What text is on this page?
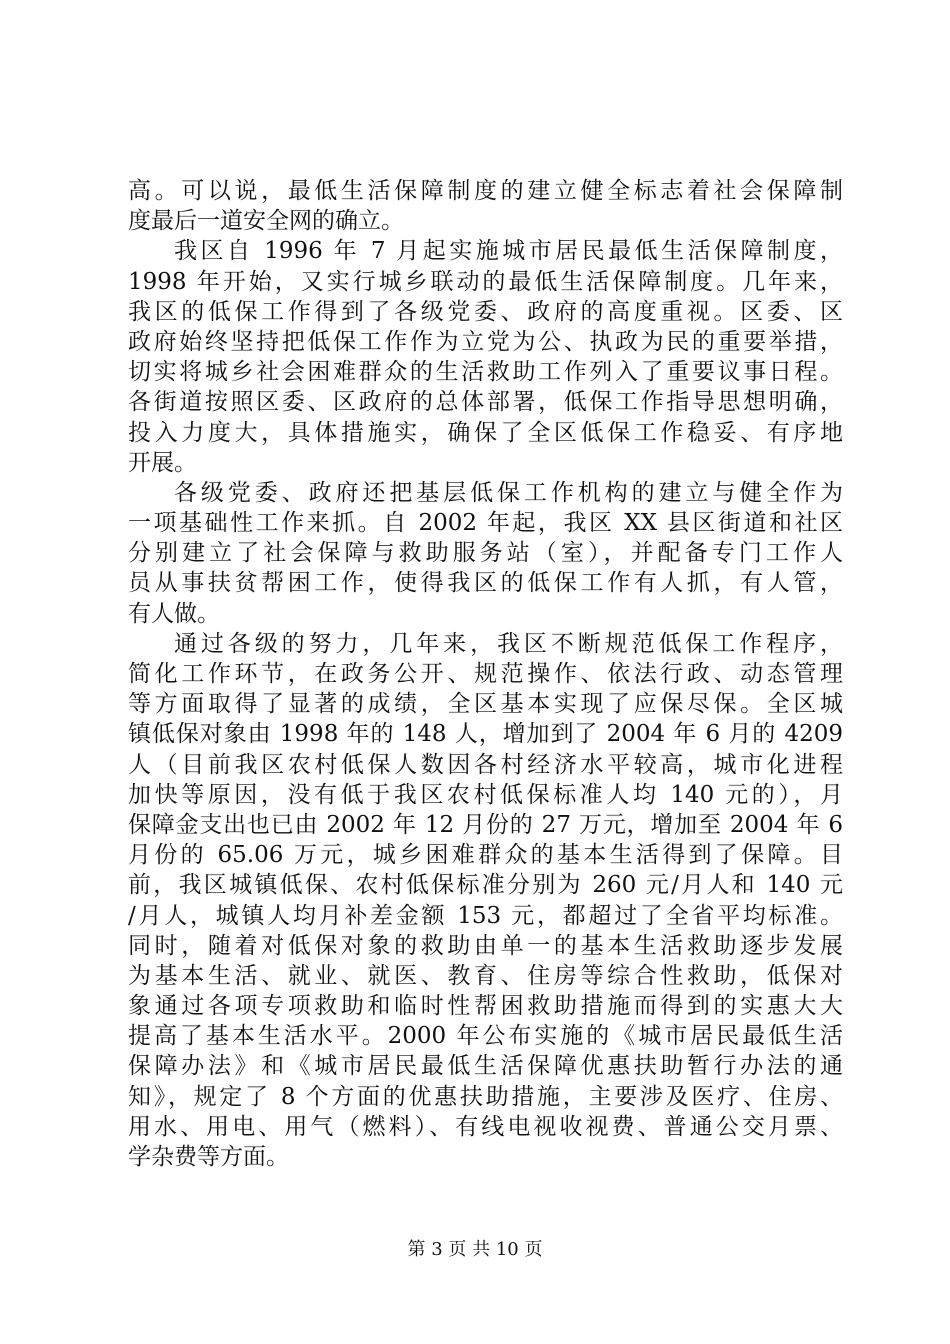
高。可以说，最低生活保障制度的建立健全标志着社会保障制
度最后一道安全网的确立。
我区自 1996 年 7 月起实施城市居民最低生活保障制度，
1998 年开始，又实行城乡联动的最低生活保障制度。几年来，
我区的低保工作得到了各级党委、政府的高度重视。区委、区
政府始终坚持把低保工作作为立党为公、执政为民的重要举措，
切实将城乡社会困难群众的生活救助工作列入了重要议事日程。
各街道按照区委、区政府的总体部署，低保工作指导思想明确，
投入力度大，具体措施实，确保了全区低保工作稳妥、有序地
开展。
各级党委、政府还把基层低保工作机构的建立与健全作为
一项基础性工作来抓。自 2002 年起，我区 XX 县区街道和社区
分别建立了社会保障与救助服务站（室），并配备专门工作人
员从事扶贫帮困工作，使得我区的低保工作有人抓，有人管，
有人做。
通过各级的努力，几年来，我区不断规范低保工作程序，
简化工作环节，在政务公开、规范操作、依法行政、动态管理
等方面取得了显著的成绩，全区基本实现了应保尽保。全区城
镇低保对象由 1998 年的 148 人，增加到了 2004 年 6 月的 4209
人（目前我区农村低保人数因各村经济水平较高，城市化进程
加快等原因，没有低于我区农村低保标准人均 140 元的），月
保障金支出也已由 2002 年 12 月份的 27 万元，增加至 2004 年 6
月份的 65.06 万元，城乡困难群众的基本生活得到了保障。目
前，我区城镇低保、农村低保标准分别为 260 元/月人和 140 元
/月人，城镇人均月补差金额 153 元，都超过了全省平均标准。
同时，随着对低保对象的救助由单一的基本生活救助逐步发展
为基本生活、就业、就医、教育、住房等综合性救助，低保对
象通过各项专项救助和临时性帮困救助措施而得到的实惠大大
提高了基本生活水平。2000 年公布实施的《城市居民最低生活
保障办法》和《城市居民最低生活保障优惠扶助暂行办法的通
知》，规定了 8 个方面的优惠扶助措施，主要涉及医疗、住房、
用水、用电、用气（燃料）、有线电视收视费、普通公交月票、
学杂费等方面。
第 3 页 共 10 页
